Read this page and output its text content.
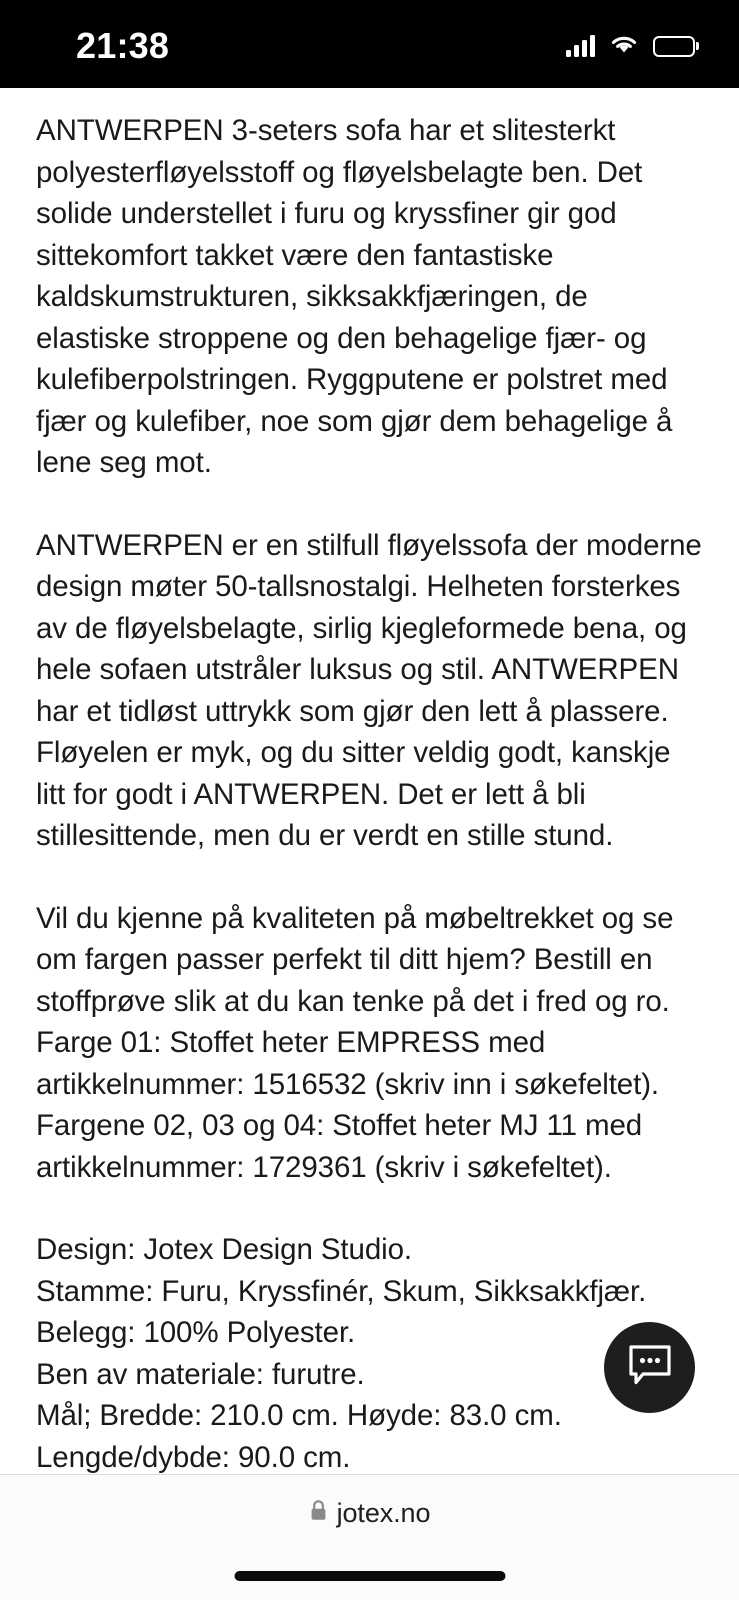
21:38

ANTWERPEN 3-seters sofa har et slitesterkt polyesterfløyelsstoff og fløyelsbelagte ben. Det solide understellet i furu og kryssfiner gir god sittekomfort takket være den fantastiske kaldskumstrukturen, sikksakkfjæringen, de elastiske stroppene og den behagelige fjær- og kulefiberpolstringen. Ryggputene er polstret med fjær og kulefiber, noe som gjør dem behagelige å lene seg mot.

ANTWERPEN er en stilfull fløyelssofa der moderne design møter 50-tallsnostalgi. Helheten forsterkes av de fløyelsbelagte, sirlig kjegleformede bena, og hele sofaen utstråler luksus og stil. ANTWERPEN har et tidløst uttrykk som gjør den lett å plassere. Fløyelen er myk, og du sitter veldig godt, kanskje litt for godt i ANTWERPEN. Det er lett å bli stillesittende, men du er verdt en stille stund.

Vil du kjenne på kvaliteten på møbeltrekket og se om fargen passer perfekt til ditt hjem? Bestill en stoffprøve slik at du kan tenke på det i fred og ro.

Farge 01: Stoffet heter EMPRESS med
artikkelnummer: 1516532 (skriv inn i søkefeltet).
Fargene 02, 03 og 04: Stoffet heter MJ 11 med
artikkelnummer: 1729361 (skriv i søkefeltet).
Design: Jotex Design Studio.
Stamme: Furu, Kryssfinér, Skum, Sikksakkfjær.
Belegg: 100% Polyester.
Ben av materiale: furutre.
Mål; Bredde: 210.0 cm. Høyde: 83.0 cm.
Lengde/dybde: 90.0 cm.
jotex.no
